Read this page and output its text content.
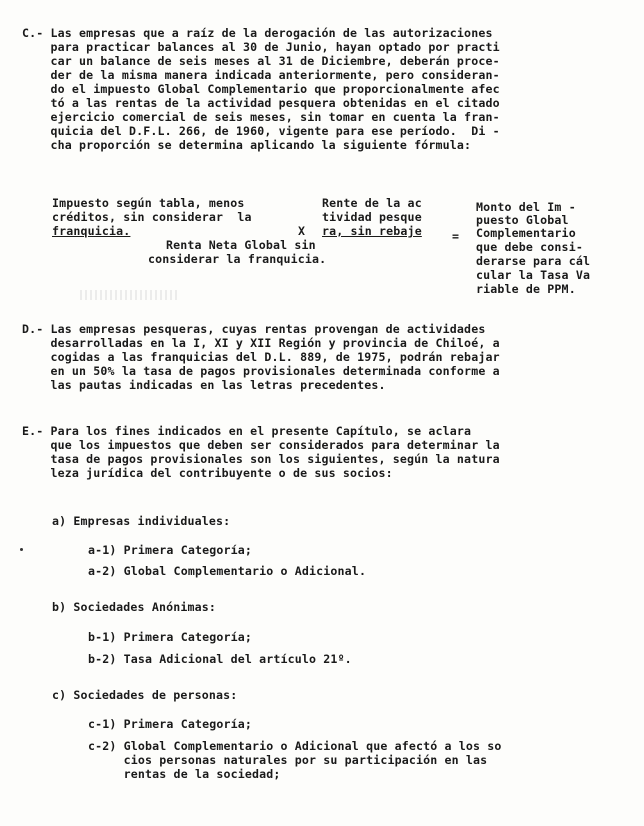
C.- Las empresas que a raíz de la derogación de las autorizaciones
para practicar balances al 30 de Junio, hayan optado por practi
car un balance de seis meses al 31 de Diciembre, deberán proce-
der de la misma manera indicada anteriormente, pero consideran-
do el impuesto Global Complementario que proporcionalmente afec
tó a las rentas de la actividad pesquera obtenidas en el citado
ejercicio comercial de seis meses, sin tomar en cuenta la fran-
quicia del D.F.L. 266, de 1960, vigente para ese período.  Di -
cha proporción se determina aplicando la siguiente fórmula:
Impuesto según tabla, menos
créditos, sin considerar  la
franquicia.	X
Rente de la ac
tividad pesque
ra, sin rebaje	=
Renta Neta Global sin
considerar la franquicia.
Monto del Im -
puesto Global
Complementario
que debe consi-
derarse para cál
cular la Tasa Va
riable de PPM.
D.- Las empresas pesqueras, cuyas rentas provengan de actividades
desarrolladas en la I, XI y XII Región y provincia de Chiloé, a
cogidas a las franquicias del D.L. 889, de 1975, podrán rebajar
en un 50% la tasa de pagos provisionales determinada conforme a
las pautas indicadas en las letras precedentes.
E.- Para los fines indicados en el presente Capítulo, se aclara
que los impuestos que deben ser considerados para determinar la
tasa de pagos provisionales son los siguientes, según la natura
leza jurídica del contribuyente o de sus socios:
a) Empresas individuales:
a-1) Primera Categoría;
a-2) Global Complementario o Adicional.
b) Sociedades Anónimas:
b-1) Primera Categoría;
b-2) Tasa Adicional del artículo 21º.
c) Sociedades de personas:
c-1) Primera Categoría;
c-2) Global Complementario o Adicional que afectó a los so
cios personas naturales por su participación en las
rentas de la sociedad;
